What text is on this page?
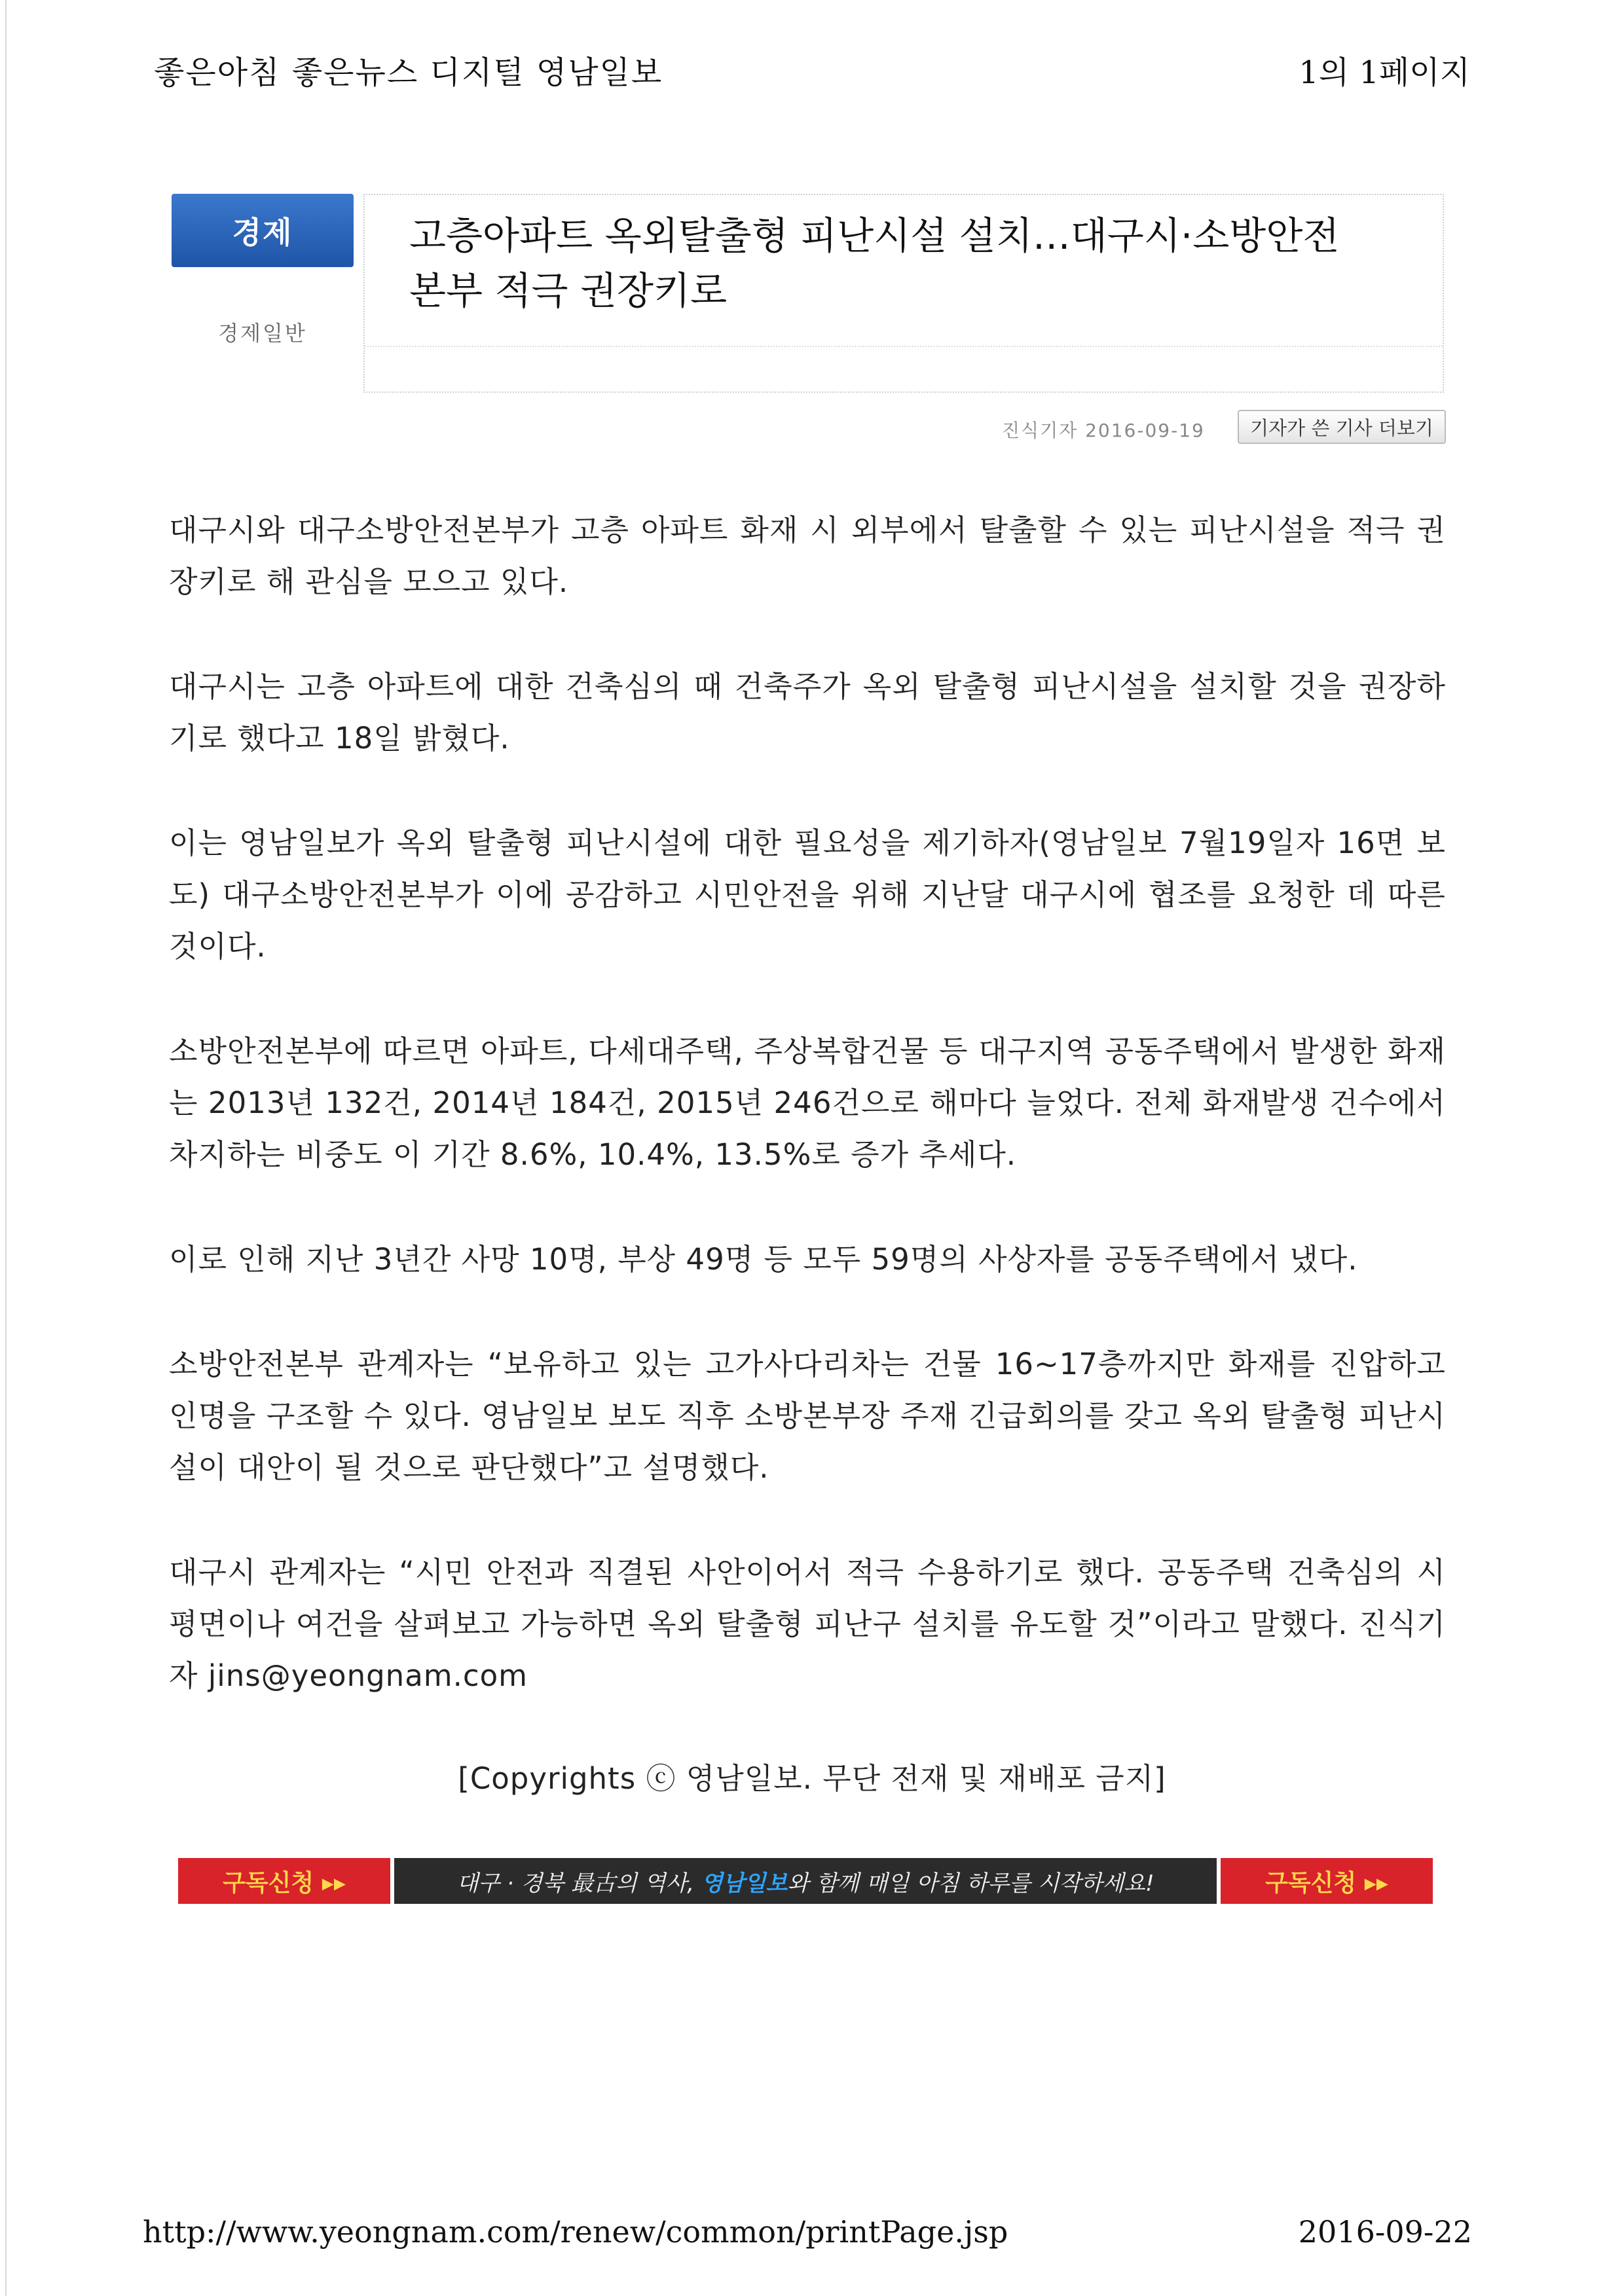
좋은아침 좋은뉴스 디지털 영남일보	1의 1페이지
경제
경제일반
고층아파트 옥외탈출형 피난시설 설치…대구시·소방안전
본부 적극 권장키로
진식기자 2016-09-19	기자가 쓴 기사 더보기

대구시와 대구소방안전본부가 고층 아파트 화재 시 외부에서 탈출할 수 있는 피난시설을 적극 권장키로 해 관심을 모으고 있다.

대구시는 고층 아파트에 대한 건축심의 때 건축주가 옥외 탈출형 피난시설을 설치할 것을 권장하기로 했다고 18일 밝혔다.

이는 영남일보가 옥외 탈출형 피난시설에 대한 필요성을 제기하자(영남일보 7월19일자 16면 보도) 대구소방안전본부가 이에 공감하고 시민안전을 위해 지난달 대구시에 협조를 요청한 데 따른 것이다.

소방안전본부에 따르면 아파트, 다세대주택, 주상복합건물 등 대구지역 공동주택에서 발생한 화재는 2013년 132건, 2014년 184건, 2015년 246건으로 해마다 늘었다. 전체 화재발생 건수에서 차지하는 비중도 이 기간 8.6%, 10.4%, 13.5%로 증가 추세다.

이로 인해 지난 3년간 사망 10명, 부상 49명 등 모두 59명의 사상자를 공동주택에서 냈다.

소방안전본부 관계자는 “보유하고 있는 고가사다리차는 건물 16~17층까지만 화재를 진압하고 인명을 구조할 수 있다. 영남일보 보도 직후 소방본부장 주재 긴급회의를 갖고 옥외 탈출형 피난시설이 대안이 될 것으로 판단했다”고 설명했다.

대구시 관계자는 “시민 안전과 직결된 사안이어서 적극 수용하기로 했다. 공동주택 건축심의 시 평면이나 여건을 살펴보고 가능하면 옥외 탈출형 피난구 설치를 유도할 것”이라고 말했다. 진식기자 jins@yeongnam.com

[Copyrights ⓒ 영남일보. 무단 전재 및 재배포 금지]
구독신청 ▸▸	대구 · 경북 最古의 역사, 영남일보 와 함께 매일 아침 하루를 시작하세요!	구독신청 ▸▸
http://www.yeongnam.com/renew/common/printPage.jsp	2016-09-22
